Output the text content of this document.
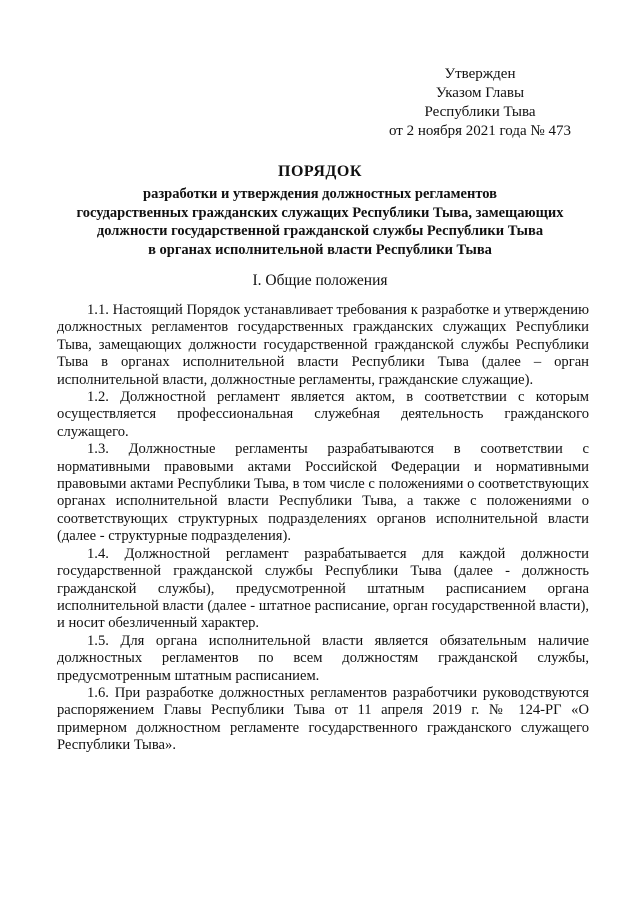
Утвержден
Указом Главы
Республики Тыва
от 2 ноября 2021 года № 473
ПОРЯДОК
разработки и утверждения должностных регламентов
государственных гражданских служащих Республики Тыва, замещающих
должности государственной гражданской службы Республики Тыва
в органах исполнительной власти Республики Тыва
I. Общие положения

1.1. Настоящий Порядок устанавливает требования к разработке и утверждению должностных регламентов государственных гражданских служащих Республики Тыва, замещающих должности государственной гражданской службы Республики Тыва в органах исполнительной власти Республики Тыва (далее – орган исполнительной власти, должностные регламенты, гражданские служащие).

1.2. Должностной регламент является актом, в соответствии с которым осуществляется профессиональная служебная деятельность гражданского служащего.

1.3. Должностные регламенты разрабатываются в соответствии с нормативными правовыми актами Российской Федерации и нормативными правовыми актами Республики Тыва, в том числе с положениями о соответствующих органах исполнительной власти Республики Тыва, а также с положениями о соответствующих структурных подразделениях органов исполнительной власти (далее - структурные подразделения).

1.4. Должностной регламент разрабатывается для каждой должности государственной гражданской службы Республики Тыва (далее - должность гражданской службы), предусмотренной штатным расписанием органа исполнительной власти (далее - штатное расписание, орган государственной власти), и носит обезличенный характер.

1.5. Для органа исполнительной власти является обязательным наличие должностных регламентов по всем должностям гражданской службы, предусмотренным штатным расписанием.

1.6. При разработке должностных регламентов разработчики руководствуются распоряжением Главы Республики Тыва от 11 апреля 2019 г. № 124-РГ «О примерном должностном регламенте государственного гражданского служащего Республики Тыва».
